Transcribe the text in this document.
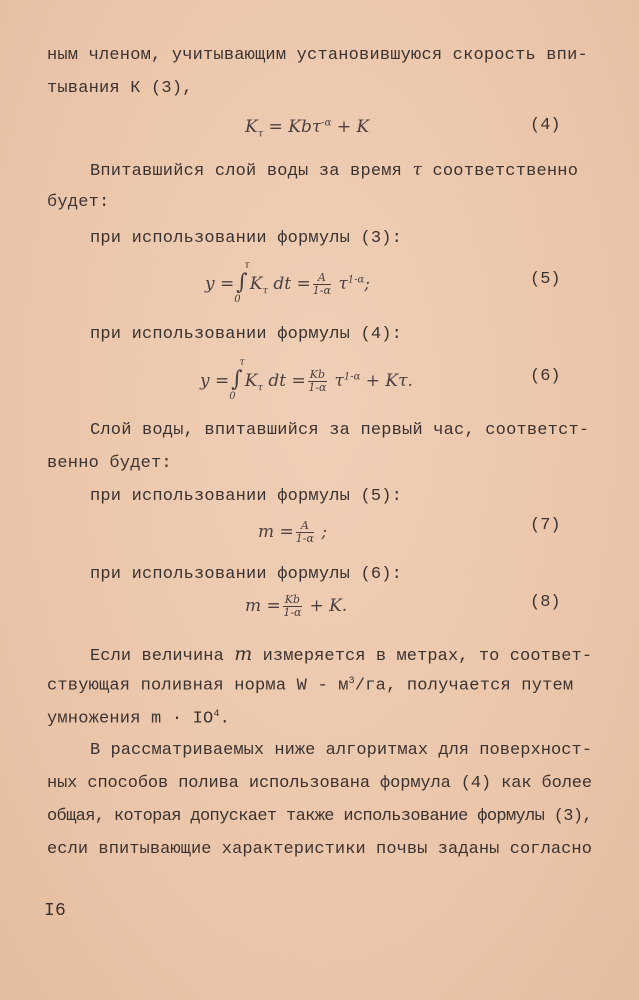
ным членом, учитывающим установившуюся скорость впи-
тывания К (3),
$K_\tau = Kb\tau^{-\alpha} + K$	(4)
Впитавшийся слой воды за время τ соответственно
будет:
при использовании формулы (3):
y =∫
τ
0
$K_\tau$ dt = $\frac{A}{1-\alpha} \tau^{1-\alpha}$;	(5)
при использовании формулы (4):
y =∫
τ
0
$K_\tau$ dt = $\frac{Kb}{1-\alpha} \tau^{1-\alpha} + K\tau$.	(6)
Слой воды, впитавшийся за первый час, соответст-
венно будет:
при использовании формулы (5):
$m = \frac{A}{1-\alpha}$ ;	(7)
при использовании формулы (6):
$m = \frac{Kb}{1-\alpha} + K$.	(8)
Если величина m измеряется в метрах, то соответ-
ствующая поливная норма W - $м^3/га$, получается путем
умножения $m \cdot IO^4$.
В рассматриваемых ниже алгоритмах для поверхност-
ных способов полива использована формула (4) как более
общая, которая допускает также использование формулы (3),
если впитывающие характеристики почвы заданы согласно
I6
